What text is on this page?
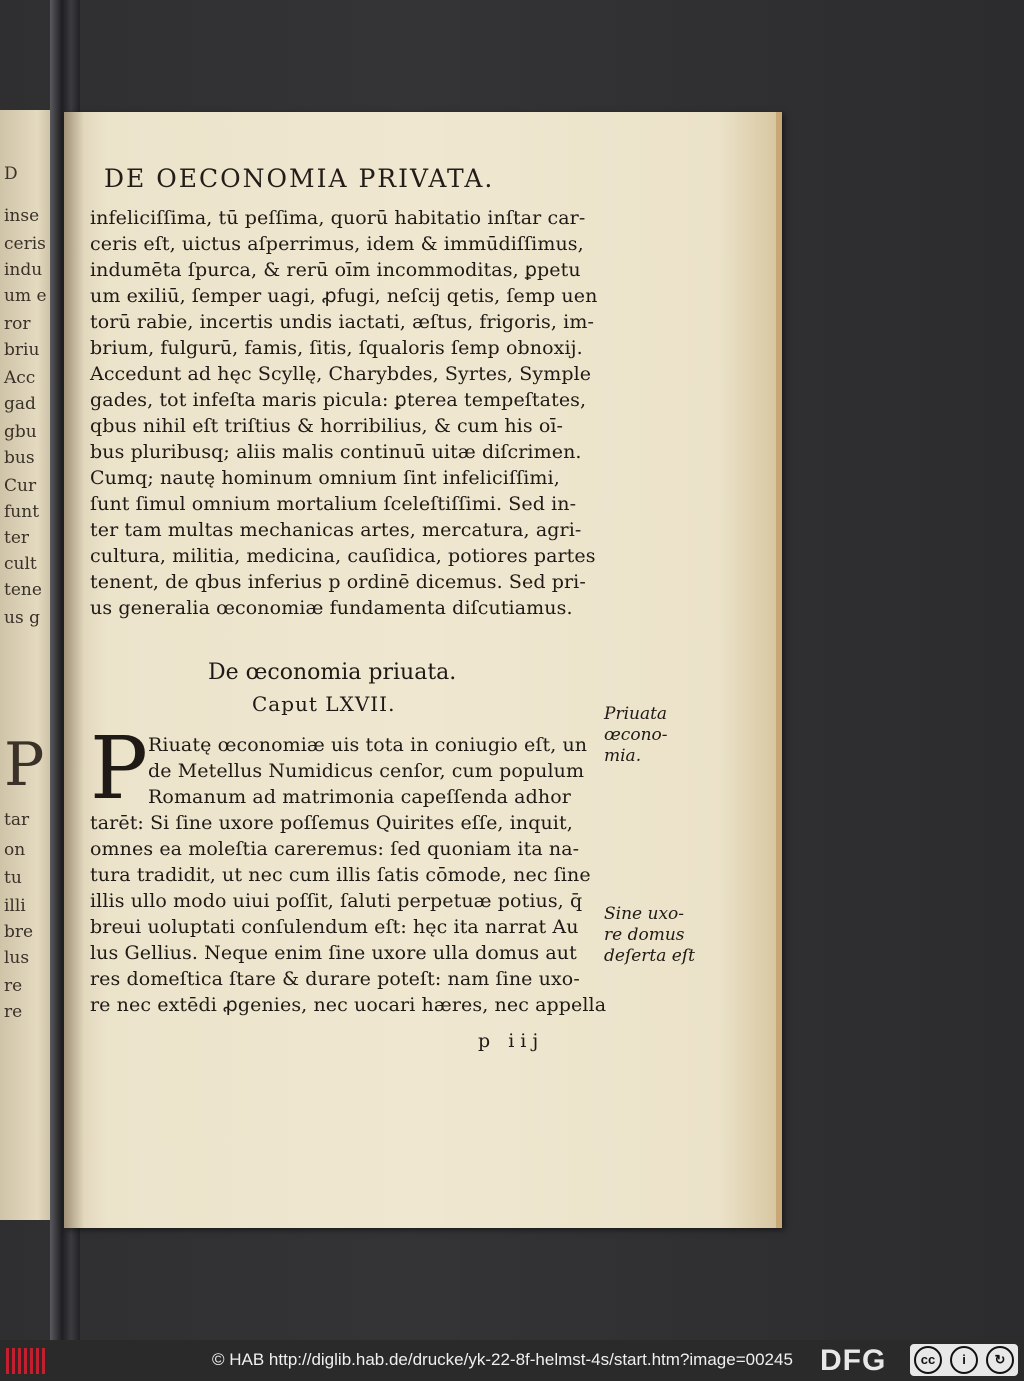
D
inse
ceris
indu
um e
ror
briu
Acc
gad
gbu
bus
Cur
funt
ter
cult
tene
us g
P
tar
on
tu
illi
bre
lus
re
re
DE OECONOMIA PRIVATA.
infeliciſſima, tū peſſima, quorū habitatio inſtar car-
ceris eſt, uictus aſperrimus, idem & immūdiſſimus,
indumēta ſpurca, & rerū oīm incommoditas, ꝑpetu
um exiliū, ſemper uagi, ꝓfugi, neſcij qetis, ſemp uen
torū rabie, incertis undis iactati, æſtus, frigoris, im-
brium, fulgurū, famis, ſitis, ſqualoris ſemp obnoxij.
Accedunt ad hęc Scyllę, Charybdes, Syrtes, Symple
gades, tot infeſta maris picula: ꝑterea tempeſtates,
qbus nihil eſt triſtius & horribilius, & cum his oī-
bus pluribusq; aliis malis continuū uitæ diſcrimen.
Cumq; nautę hominum omnium ſint infeliciſſimi,
ſunt ſimul omnium mortalium ſceleſtiſſimi. Sed in-
ter tam multas mechanicas artes, mercatura, agri-
cultura, militia, medicina, cauſidica, potiores partes
tenent, de qbus inferius p ordinē dicemus. Sed pri-
us generalia œconomiæ fundamenta diſcutiamus.
De œconomia priuata.
Caput LXVII.
P Riuatę œconomiæ uis tota in coniugio eſt, un
de Metellus Numidicus cenſor, cum populum
Romanum ad matrimonia capeſſenda adhor
tarēt: Si ſine uxore poſſemus Quirites eſſe, inquit,
omnes ea moleſtia careremus: ſed quoniam ita na-
tura tradidit, ut nec cum illis ſatis cōmode, nec ſine
illis ullo modo uiui poſſit, ſaluti perpetuæ potius, q̄
breui uoluptati conſulendum eſt: hęc ita narrat Au
lus Gellius. Neque enim ſine uxore ulla domus aut
res domeſtica ſtare & durare poteſt: nam ſine uxo-
re nec extēdi ꝓgenies, nec uocari hæres, nec appella
Priuata
œcono-
mia.
Sine uxo-
re domus
deſerta eſt
p iij
© HAB http://diglib.hab.de/drucke/yk-22-8f-helmst-4s/start.htm?image=00245 DFG	cc	i	↻
